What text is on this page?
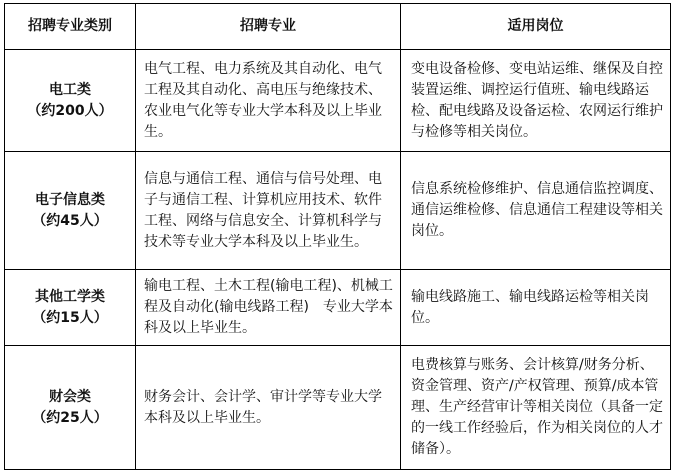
招聘专业类别	招聘专业	适用岗位

电工类
（约200人）	电气工程、电力系统及其自动化、电气工程及其自动化、高电压与绝缘技术、农业电气化等专业大学本科及以上毕业生。	变电设备检修、变电站运维、继保及自控装置运维、调控运行值班、输电线路运检、配电线路及设备运检、农网运行维护与检修等相关岗位。

电子信息类
（约45人）	信息与通信工程、通信与信号处理、电子与通信工程、计算机应用技术、软件工程、网络与信息安全、计算机科学与技术等专业大学本科及以上毕业生。	信息系统检修维护、信息通信监控调度、通信运维检修、信息通信工程建设等相关岗位。

其他工学类
（约15人）	输电工程、土木工程(输电工程)、机械工程及自动化(输电线路工程)　专业大学本科及以上毕业生。	输电线路施工、输电线路运检等相关岗位。

财会类
（约25人）	财务会计、会计学、审计学等专业大学本科及以上毕业生。	电费核算与账务、会计核算/财务分析、资金管理、资产/产权管理、预算/成本管理、生产经营审计等相关岗位（具备一定的一线工作经验后，作为相关岗位的人才储备）。
